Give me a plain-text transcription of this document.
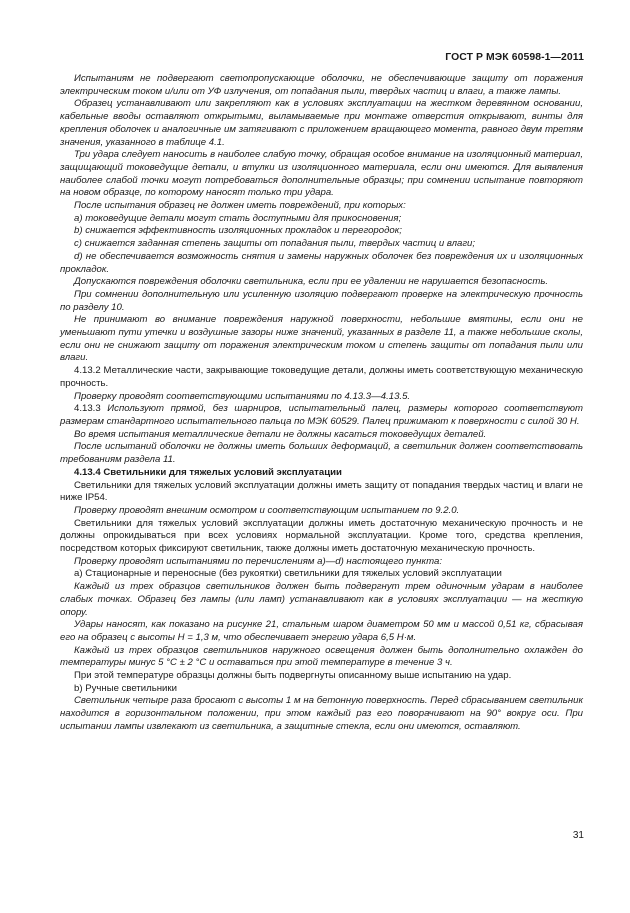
ГОСТ Р МЭК 60598-1—2011

Испытаниям не подвергают светопропускающие оболочки, не обеспечивающие защиту от поражения электрическим током и/или от УФ излучения, от попадания пыли, твердых частиц и влаги, а также лампы.

Образец устанавливают или закрепляют как в условиях эксплуатации на жестком деревянном основании, кабельные вводы оставляют открытыми, выламываемые при монтаже отверстия открывают, винты для крепления оболочек и аналогичные им затягивают с приложением вращающего момента, равного двум третям значения, указанного в таблице 4.1.

Три удара следует наносить в наиболее слабую точку, обращая особое внимание на изоляционный материал, защищающий токоведущие детали, и втулки из изоляционного материала, если они имеются. Для выявления наиболее слабой точки могут потребоваться дополнительные образцы; при сомнении испытание повторяют на новом образце, по которому наносят только три удара.

После испытания образец не должен иметь повреждений, при которых:

a) токоведущие детали могут стать доступными для прикосновения;

b) снижается эффективность изоляционных прокладок и перегородок;

c) снижается заданная степень защиты от попадания пыли, твердых частиц и влаги;

d) не обеспечивается возможность снятия и замены наружных оболочек без повреждения их и изоляционных прокладок.

Допускаются повреждения оболочки светильника, если при ее удалении не нарушается безопасность.

При сомнении дополнительную или усиленную изоляцию подвергают проверке на электрическую прочность по разделу 10.

Не принимают во внимание повреждения наружной поверхности, небольшие вмятины, если они не уменьшают пути утечки и воздушные зазоры ниже значений, указанных в разделе 11, а также небольшие сколы, если они не снижают защиту от поражения электрическим током и степень защиты от попадания пыли или влаги.

4.13.2 Металлические части, закрывающие токоведущие детали, должны иметь соответствующую механическую прочность.

Проверку проводят соответствующими испытаниями по 4.13.3—4.13.5.

4.13.3 Используют прямой, без шарниров, испытательный палец, размеры которого соответствуют размерам стандартного испытательного пальца по МЭК 60529. Палец прижимают к поверхности с силой 30 Н.

Во время испытания металлические детали не должны касаться токоведущих деталей.

После испытаний оболочки не должны иметь больших деформаций, а светильник должен соответствовать требованиям раздела 11.

4.13.4 Светильники для тяжелых условий эксплуатации

Светильники для тяжелых условий эксплуатации должны иметь защиту от попадания твердых частиц и влаги не ниже IP54.

Проверку проводят внешним осмотром и соответствующим испытанием по 9.2.0.

Светильники для тяжелых условий эксплуатации должны иметь достаточную механическую прочность и не должны опрокидываться при всех условиях нормальной эксплуатации. Кроме того, средства крепления, посредством которых фиксируют светильник, также должны иметь достаточную механическую прочность.

Проверку проводят испытаниями по перечислениям a)—d) настоящего пункта:

a) Стационарные и переносные (без рукоятки) светильники для тяжелых условий эксплуатации

Каждый из трех образцов светильников должен быть подвергнут трем одиночным ударам в наиболее слабых точках. Образец без лампы (или ламп) устанавливают как в условиях эксплуатации — на жесткую опору.

Удары наносят, как показано на рисунке 21, стальным шаром диаметром 50 мм и массой 0,51 кг, сбрасывая его на образец с высоты H = 1,3 м, что обеспечивает энергию удара 6,5 Н·м.

Каждый из трех образцов светильников наружного освещения должен быть дополнительно охлажден до температуры минус 5 °C ± 2 °C и оставаться при этой температуре в течение 3 ч.

При этой температуре образцы должны быть подвергнуты описанному выше испытанию на удар.

b) Ручные светильники

Светильник четыре раза бросают с высоты 1 м на бетонную поверхность. Перед сбрасыванием светильник находится в горизонтальном положении, при этом каждый раз его поворачивают на 90° вокруг оси. При испытании лампы извлекают из светильника, а защитные стекла, если они имеются, оставляют.

31
